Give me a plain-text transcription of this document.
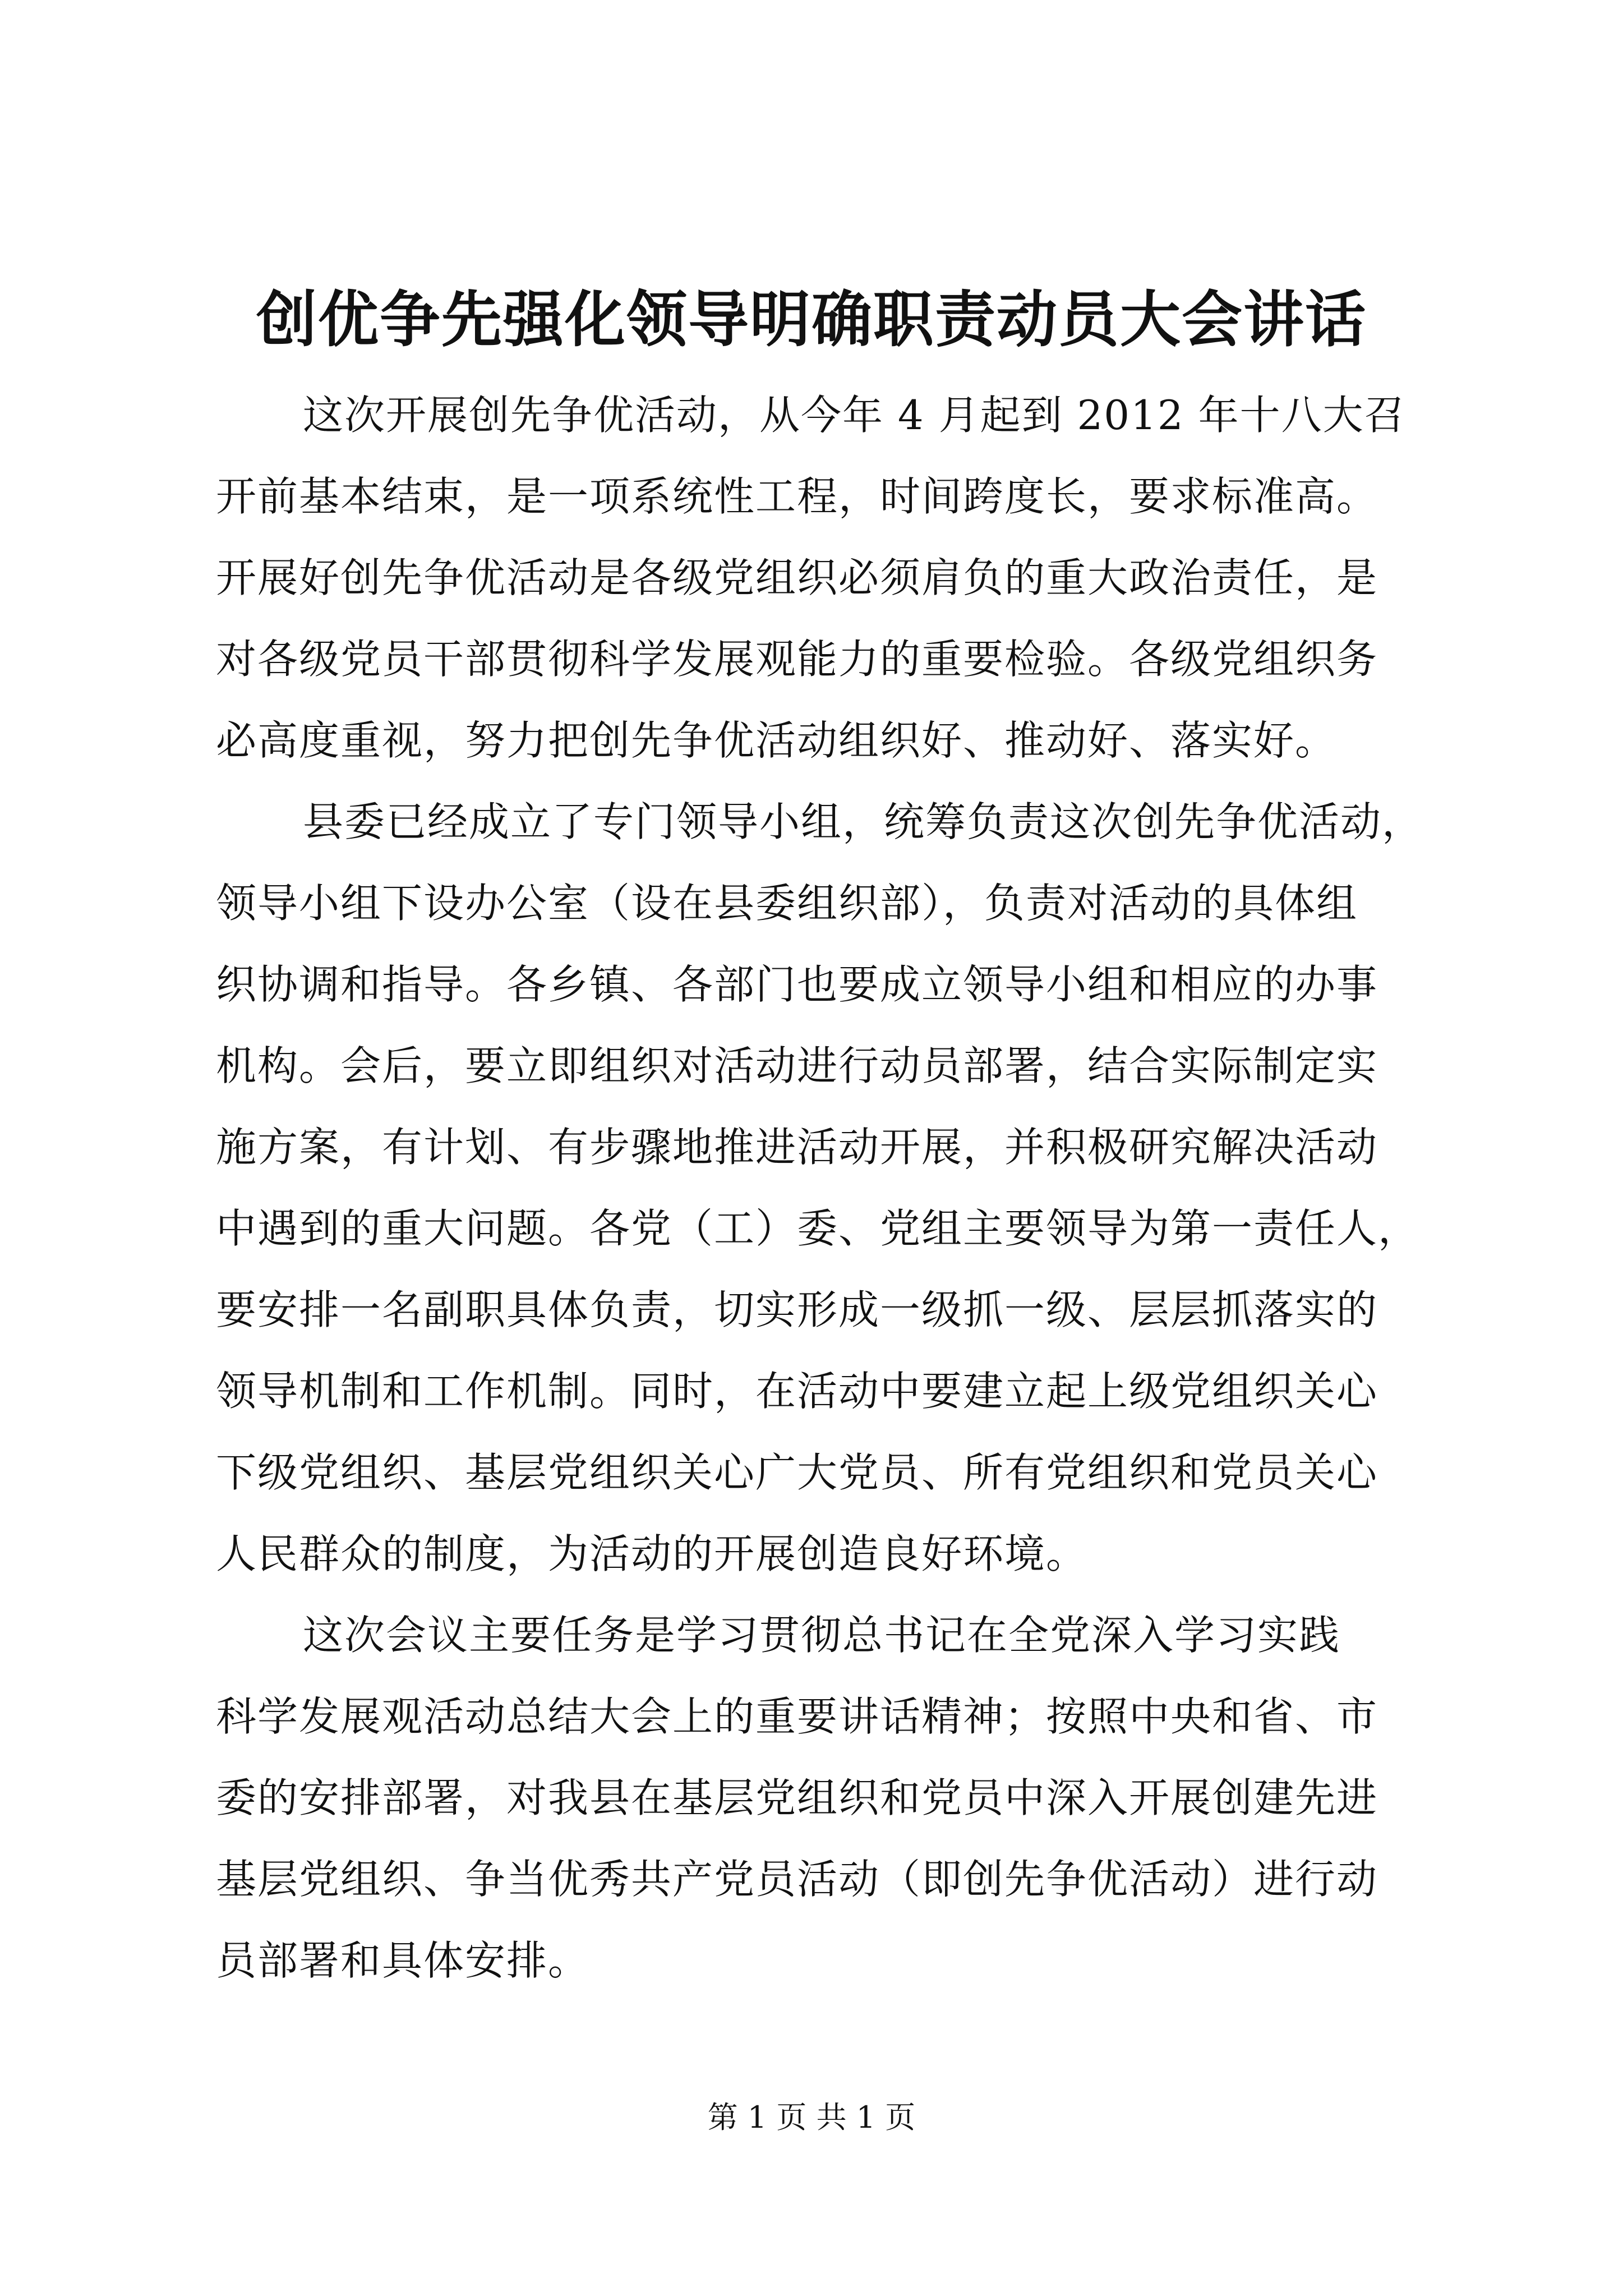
创优争先强化领导明确职责动员大会讲话
这次开展创先争优活动，从今年 4 月起到 2012 年十八大召
开前基本结束，是一项系统性工程，时间跨度长，要求标准高。
开展好创先争优活动是各级党组织必须肩负的重大政治责任，是
对各级党员干部贯彻科学发展观能力的重要检验。各级党组织务
必高度重视，努力把创先争优活动组织好、推动好、落实好。
县委已经成立了专门领导小组，统筹负责这次创先争优活动，
领导小组下设办公室（设在县委组织部），负责对活动的具体组
织协调和指导。各乡镇、各部门也要成立领导小组和相应的办事
机构。会后，要立即组织对活动进行动员部署，结合实际制定实
施方案，有计划、有步骤地推进活动开展，并积极研究解决活动
中遇到的重大问题。各党（工）委、党组主要领导为第一责任人，
要安排一名副职具体负责，切实形成一级抓一级、层层抓落实的
领导机制和工作机制。同时，在活动中要建立起上级党组织关心
下级党组织、基层党组织关心广大党员、所有党组织和党员关心
人民群众的制度，为活动的开展创造良好环境。
这次会议主要任务是学习贯彻总书记在全党深入学习实践
科学发展观活动总结大会上的重要讲话精神；按照中央和省、市
委的安排部署，对我县在基层党组织和党员中深入开展创建先进
基层党组织、争当优秀共产党员活动（即创先争优活动）进行动
员部署和具体安排。
第 1 页 共 1 页
